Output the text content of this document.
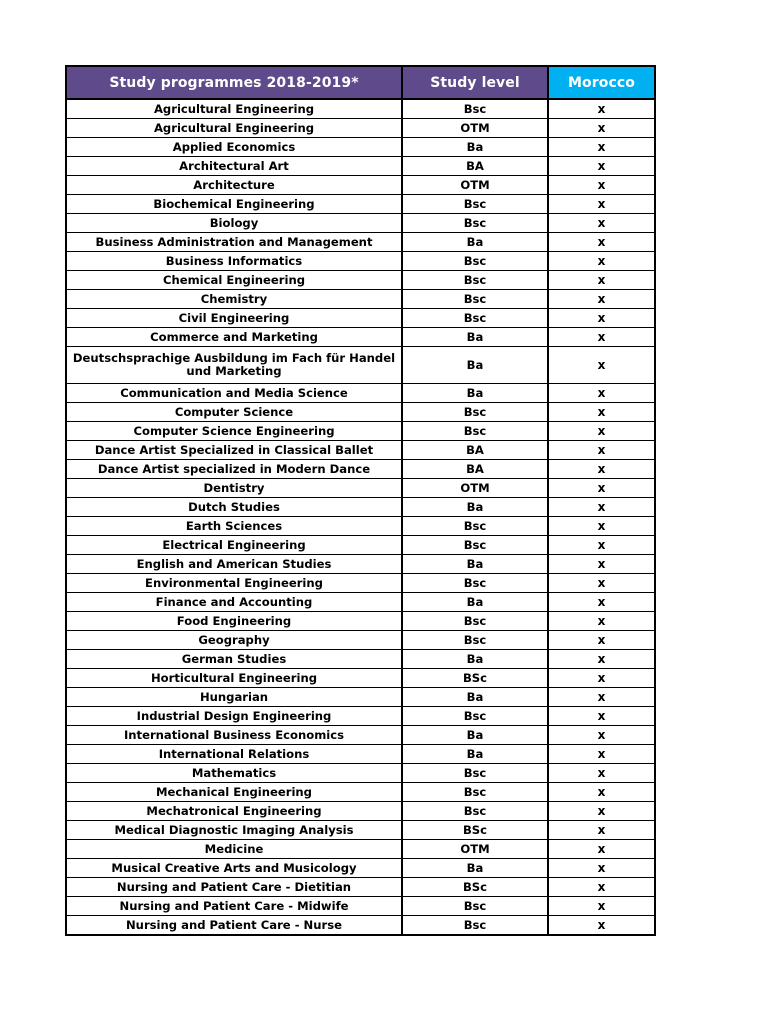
Study programmes 2018-2019*	Study level	Morocco
Agricultural Engineering	Bsc	x
Agricultural Engineering	OTM	x
Applied Economics	Ba	x
Architectural Art	BA	x
Architecture	OTM	x
Biochemical Engineering	Bsc	x
Biology	Bsc	x
Business Administration and Management	Ba	x
Business Informatics	Bsc	x
Chemical Engineering	Bsc	x
Chemistry	Bsc	x
Civil Engineering	Bsc	x
Commerce and Marketing	Ba	x
Deutschsprachige Ausbildung im Fach für Handel und Marketing	Ba	x
Communication and Media Science	Ba	x
Computer Science	Bsc	x
Computer Science Engineering	Bsc	x
Dance Artist Specialized in Classical Ballet	BA	x
Dance Artist specialized in Modern Dance	BA	x
Dentistry	OTM	x
Dutch Studies	Ba	x
Earth Sciences	Bsc	x
Electrical Engineering	Bsc	x
English and American Studies	Ba	x
Environmental Engineering	Bsc	x
Finance and Accounting	Ba	x
Food Engineering	Bsc	x
Geography	Bsc	x
German Studies	Ba	x
Horticultural Engineering	BSc	x
Hungarian	Ba	x
Industrial Design Engineering	Bsc	x
International Business Economics	Ba	x
International Relations	Ba	x
Mathematics	Bsc	x
Mechanical Engineering	Bsc	x
Mechatronical Engineering	Bsc	x
Medical Diagnostic Imaging Analysis	BSc	x
Medicine	OTM	x
Musical Creative Arts and Musicology	Ba	x
Nursing and Patient Care - Dietitian	BSc	x
Nursing and Patient Care - Midwife	Bsc	x
Nursing and Patient Care - Nurse	Bsc	x
